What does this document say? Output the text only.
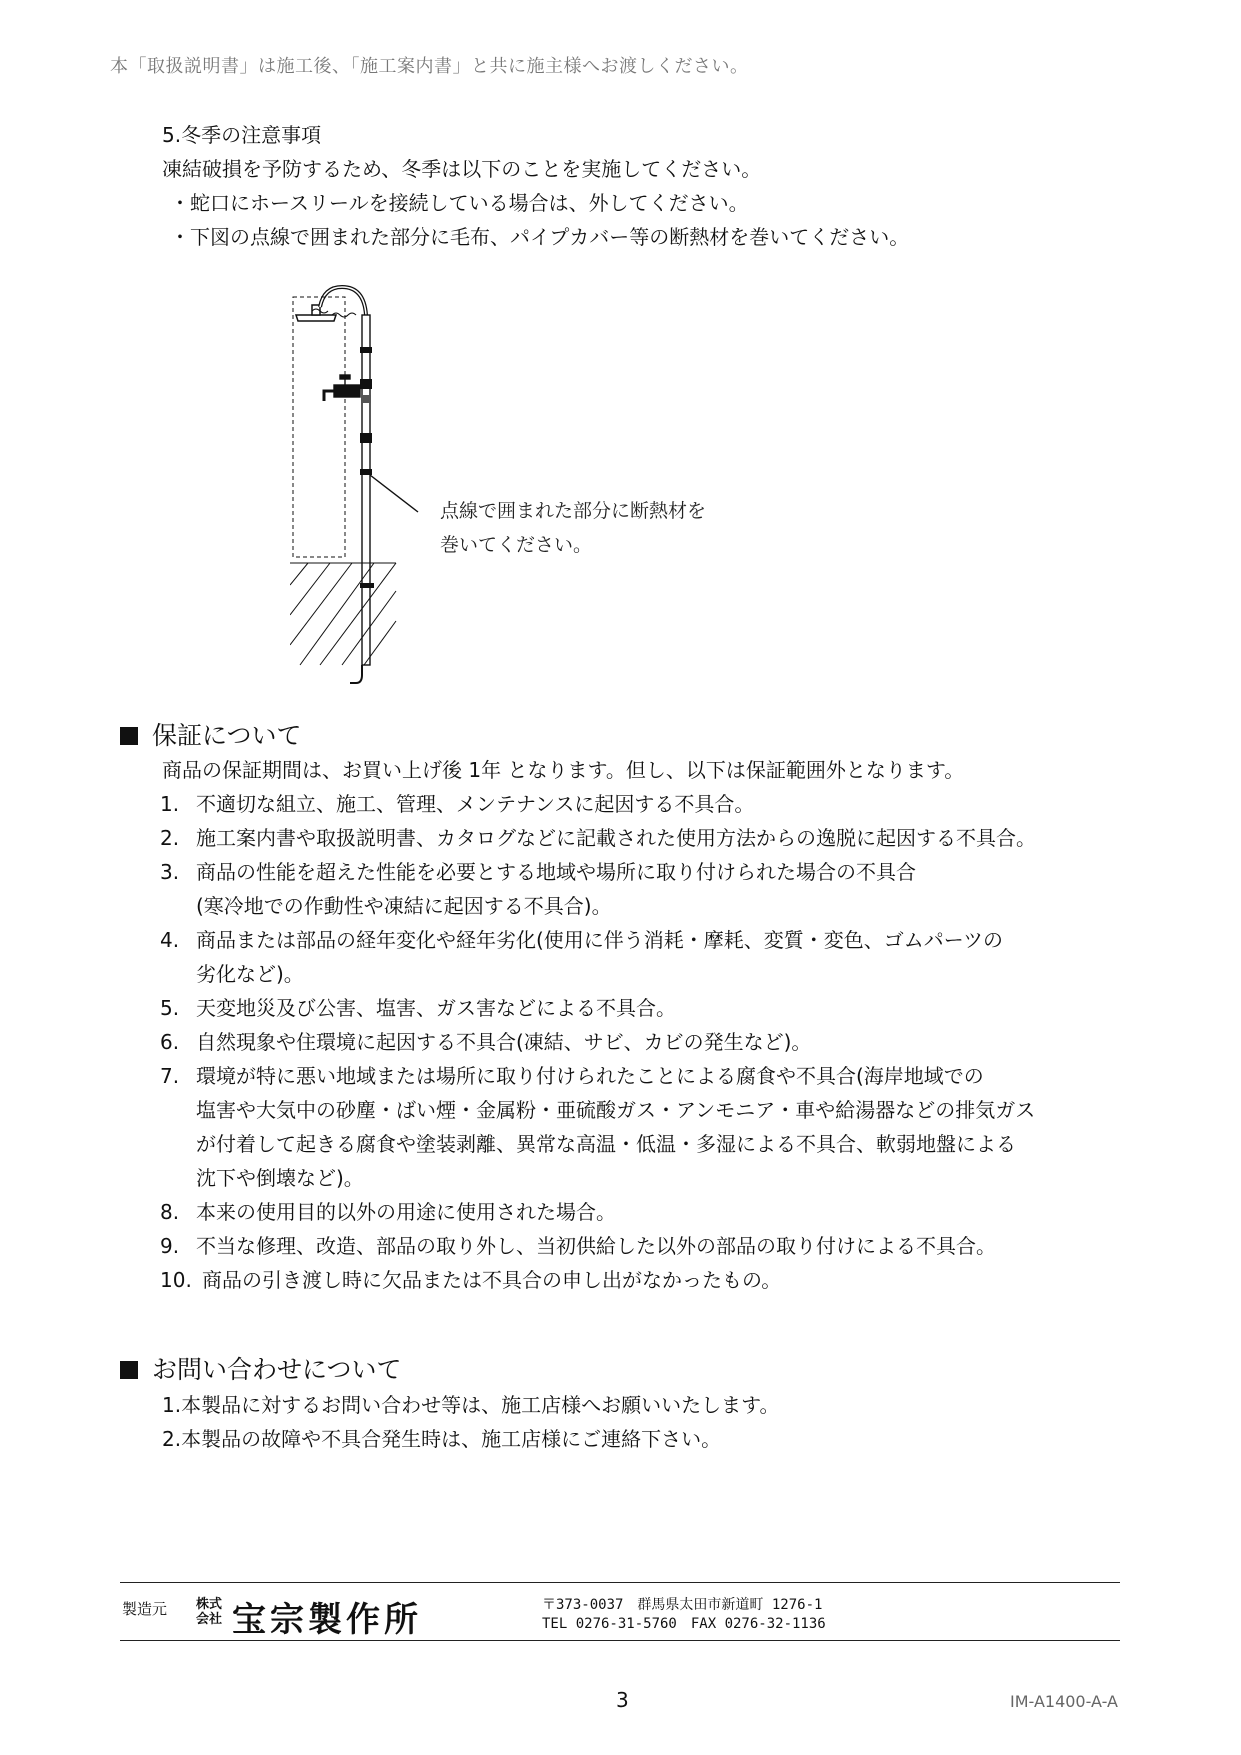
本「取扱説明書」は施工後、「施工案内書」と共に施主様へお渡しください。
5.冬季の注意事項
凍結破損を予防するため、冬季は以下のことを実施してください。
・蛇口にホースリールを接続している場合は、外してください。
・下図の点線で囲まれた部分に毛布、パイプカバー等の断熱材を巻いてください。
点線で囲まれた部分に断熱材を
巻いてください。
保証について
商品の保証期間は、お買い上げ後 1年 となります。但し、以下は保証範囲外となります。
1. 不適切な組立、施工、管理、メンテナンスに起因する不具合。
2. 施工案内書や取扱説明書、カタログなどに記載された使用方法からの逸脱に起因する不具合。
3. 商品の性能を超えた性能を必要とする地域や場所に取り付けられた場合の不具合
(寒冷地での作動性や凍結に起因する不具合)。
4. 商品または部品の経年変化や経年劣化(使用に伴う消耗・摩耗、変質・変色、ゴムパーツの
劣化など)。
5. 天変地災及び公害、塩害、ガス害などによる不具合。
6. 自然現象や住環境に起因する不具合(凍結、サビ、カビの発生など)。
7. 環境が特に悪い地域または場所に取り付けられたことによる腐食や不具合(海岸地域での
塩害や大気中の砂塵・ばい煙・金属粉・亜硫酸ガス・アンモニア・車や給湯器などの排気ガス
が付着して起きる腐食や塗装剥離、異常な高温・低温・多湿による不具合、軟弱地盤による
沈下や倒壊など)。
8. 本来の使用目的以外の用途に使用された場合。
9. 不当な修理、改造、部品の取り外し、当初供給した以外の部品の取り付けによる不具合。
10. 商品の引き渡し時に欠品または不具合の申し出がなかったもの。
お問い合わせについて
1.本製品に対するお問い合わせ等は、施工店様へお願いいたします。
2.本製品の故障や不具合発生時は、施工店様にご連絡下さい。
製造元 株式
会社 宝宗製作所	〒373-0037　群馬県太田市新道町 1276-1
TEL 0276-31-5760　FAX 0276-32-1136
3	IM-A1400-A-A
